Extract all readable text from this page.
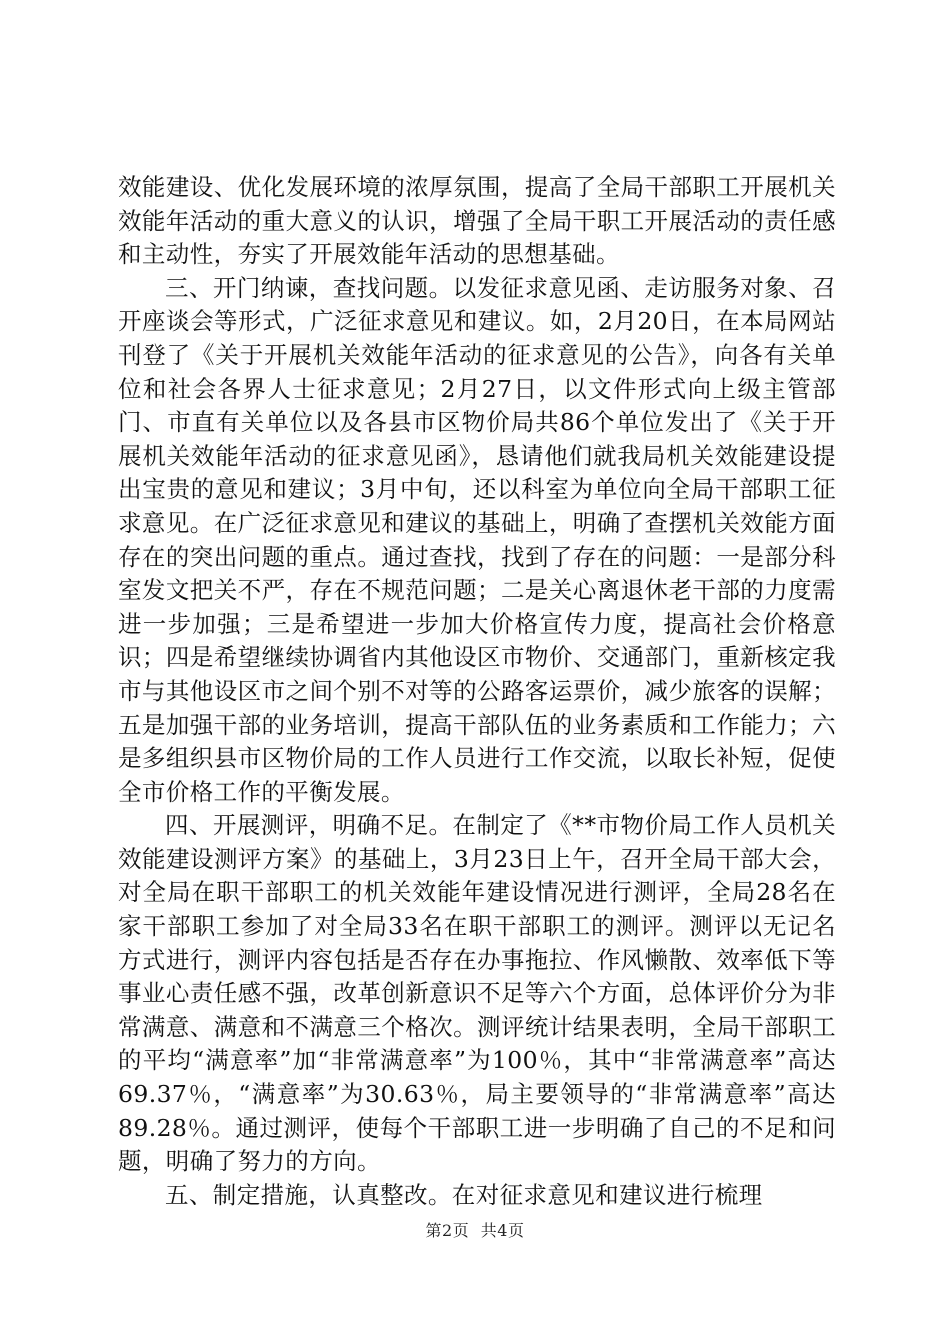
效能建设、优化发展环境的浓厚氛围，提高了全局干部职工开展机关效能年活动的重大意义的认识，增强了全局干职工开展活动的责任感和主动性，夯实了开展效能年活动的思想基础。

三、开门纳谏，查找问题。以发征求意见函、走访服务对象、召开座谈会等形式，广泛征求意见和建议。如，2月20日，在本局网站刊登了《关于开展机关效能年活动的征求意见的公告》，向各有关单位和社会各界人士征求意见；2月27日，以文件形式向上级主管部门、市直有关单位以及各县市区物价局共86个单位发出了《关于开展机关效能年活动的征求意见函》，恳请他们就我局机关效能建设提出宝贵的意见和建议；3月中旬，还以科室为单位向全局干部职工征求意见。在广泛征求意见和建议的基础上，明确了查摆机关效能方面存在的突出问题的重点。通过查找，找到了存在的问题：一是部分科室发文把关不严，存在不规范问题；二是关心离退休老干部的力度需进一步加强；三是希望进一步加大价格宣传力度，提高社会价格意识；四是希望继续协调省内其他设区市物价、交通部门，重新核定我市与其他设区市之间个别不对等的公路客运票价，减少旅客的误解；五是加强干部的业务培训，提高干部队伍的业务素质和工作能力；六是多组织县市区物价局的工作人员进行工作交流，以取长补短，促使全市价格工作的平衡发展。

四、开展测评，明确不足。在制定了《**市物价局工作人员机关效能建设测评方案》的基础上，3月23日上午，召开全局干部大会，对全局在职干部职工的机关效能年建设情况进行测评，全局28名在家干部职工参加了对全局33名在职干部职工的测评。测评以无记名方式进行，测评内容包括是否存在办事拖拉、作风懒散、效率低下等事业心责任感不强，改革创新意识不足等六个方面，总体评价分为非常满意、满意和不满意三个格次。测评统计结果表明，全局干部职工的平均“满意率”加“非常满意率”为100％，其中“非常满意率”高达69.37％，“满意率”为30.63％，局主要领导的“非常满意率”高达89.28％。通过测评，使每个干部职工进一步明确了自己的不足和问题，明确了努力的方向。

五、制定措施，认真整改。在对征求意见和建议进行梳理

第2页 共4页
